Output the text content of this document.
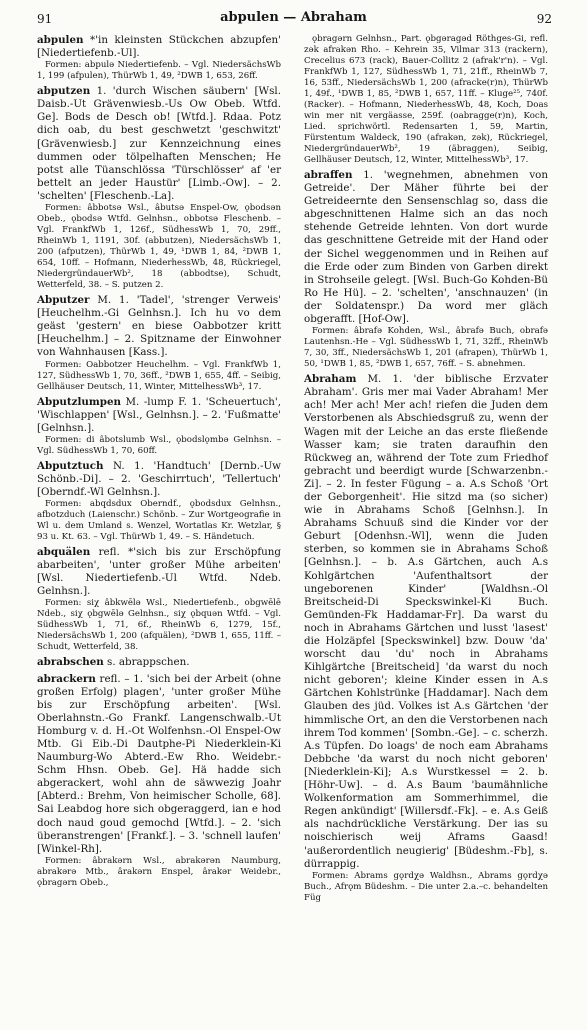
91	abpulen — Abraham	92

abpulen *'in kleinsten Stückchen abzupfen' [Niedertiefenb.-Ul].

Formen: abpulə Niedertiefenb. – Vgl. NiedersächsWb 1, 199 (afpulen), ThürWb 1, 49, ²DWB 1, 653, 26ff.

abputzen 1. 'durch Wischen säubern' [Wsl. Daisb.-Ut Grävenwiesb.-Us Ow Obeb. Wtfd. Ge]. Bods de Desch ob! [Wtfd.]. Rdaa. Potz dich oab, du best geschwetzt 'geschwitzt' [Grävenwiesb.] zur Kennzeichnung eines dummen oder tölpelhaften Menschen; He potst alle Tüanschlössa 'Türschlösser' af 'er bettelt an jeder Haustür' [Limb.-Ow]. – 2. 'schelten' [Fleschenb.-La].

Formen: âbbotsə Wsl., âbutsə Enspel-Ow, ǫbodsən Obeb., ǫbodsə Wtfd. Gelnhsn., obbotsə Fleschenb. – Vgl. FrankfWb 1, 126f., SüdhessWb 1, 70, 29ff., RheinWb 1, 1191, 30f. (abbutzen), NiedersächsWb 1, 200 (afputzen), ThürWb 1, 49, ¹DWB 1, 84, ²DWB 1, 654, 10ff. – Hofmann, NiederhessWb, 48, Rückriegel, NiedergründauerWb², 18 (abbodtse), Schudt, Wetterfeld, 38. – S. putzen 2.

Abputzer M. 1. 'Tadel', 'strenger Verweis' [Heuchelhm.-Gi Gelnhsn.]. Ich hu vo dem geäst 'gestern' en biese Oabbotzer kritt [Heuchelhm.] – 2. Spitzname der Einwohner von Wahnhausen [Kass.].

Formen: Oabbotzer Heuchelhm. – Vgl. FrankfWb 1, 127, SüdhessWb 1, 70, 36ff., ²DWB 1, 655, 4ff. – Seibig, Gellhäuser Deutsch, 11, Winter, MittelhessWb³, 17.

Abputzlumpen M. -lump F. 1. 'Scheuertuch', 'Wischlappen' [Wsl., Gelnhsn.]. – 2. 'Fußmatte' [Gelnhsn.].

Formen: di âbotslumb Wsl., ǫbodslǫmbə Gelnhsn. – Vgl. SüdhessWb 1, 70, 60ff.

Abputztuch N. 1. 'Handtuch' [Dernb.-Uw Schönb.-Di]. – 2. 'Geschirrtuch', 'Tellertuch' [Oberndf.-Wl Gelnhsn.].

Formen: abqdsdux Oberndf., ǫbodsdux Gelnhsn., afbotzduch (Laienschr.) Schönb. – Zur Wortgeografie in Wl u. dem Umland s. Wenzel, Wortatlas Kr. Wetzlar, § 93 u. Kt. 63. – Vgl. ThürWb 1, 49. – S. Händetuch.

abquälen refl. *'sich bis zur Erschöpfung abarbeiten', 'unter großer Mühe arbeiten' [Wsl. Niedertiefenb.-Ul Wtfd. Ndeb. Gelnhsn.].

Formen: siχ âbkwēlə Wsl., Niedertiefenb., obgwēlē Ndeb., siχ ǫbgwēlə Gelnhsn., siχ ǫbquən Wtfd. – Vgl. SüdhessWb 1, 71, 6f., RheinWb 6, 1279, 15f., NiedersächsWb 1, 200 (afquälen), ²DWB 1, 655, 11ff. – Schudt, Wetterfeld, 38.

abrabschen s. abrappschen.

abrackern refl. – 1. 'sich bei der Arbeit (ohne großen Erfolg) plagen', 'unter großer Mühe bis zur Erschöpfung arbeiten'. [Wsl. Oberlahnstn.-Go Frankf. Langenschwalb.-Ut Homburg v. d. H.-Ot Wolfenhsn.-Ol Enspel-Ow Mtb. Gi Eib.-Di Dautphe-Pi Niederklein-Ki Naumburg-Wo Abterd.-Ew Rho. Weidebr.-Schm Hhsn. Obeb. Ge]. Hä hadde sich abgerackert, wohl ahn de säwwezig Joahr [Abterd.: Brehm, Von heimischer Scholle, 68]. Sai Leabdog hore sich obgeraggerd, ian e hod doch naud goud gemochd [Wtfd.]. – 2. 'sich überanstrengen' [Frankf.]. – 3. 'schnell laufen' [Winkel-Rh].

Formen: âbrakərn Wsl., abrakərən Naumburg, abrakərə Mtb., ârakərn Enspel, ârakər Weidebr., ǫbragərn Obeb.,

ǫbragərn Gelnhsn., Part. ǫbgəragəd Röthges-Gi, refl. zək afrakən Rho. – Kehrein 35, Vilmar 313 (rackern), Crecelius 673 (rack), Bauer-Collitz 2 (afrak'r'n). – Vgl. FrankfWb 1, 127, SüdhessWb 1, 71, 21ff., RheinWb 7, 16, 53ff., NiedersächsWb 1, 200 (afracke(r)n), ThürWb 1, 49f., ¹DWB 1, 85, ²DWB 1, 657, 11ff. – Kluge²⁵, 740f. (Racker). – Hofmann, NiederhessWb, 48, Koch, Doas win mer nit vergäasse, 259f. (oabragge(r)n), Koch, Lied. sprichwörtl. Redensarten 1, 59, Martin, Fürstentum Waldeck, 190 (afrakən, zək), Rückriegel, NiedergründauerWb², 19 (äbraggen), Seibig, Gellhäuser Deutsch, 12, Winter, MittelhessWb³, 17.

abraffen 1. 'wegnehmen, abnehmen von Getreide'. Der Mäher führte bei der Getreideernte den Sensenschlag so, dass die abgeschnittenen Halme sich an das noch stehende Getreide lehnten. Von dort wurde das geschnittene Getreide mit der Hand oder der Sichel weggenommen und in Reihen auf die Erde oder zum Binden von Garben direkt in Strohseile gelegt. [Wsl. Buch-Go Kohden-Bü Ro He Hü]. – 2. 'schelten', 'anschnauzen' (in der Soldatenspr.) Da word mer gläch obgerafft. [Hof-Ow].

Formen: âbrafə Kohden, Wsl., âbrafə Buch, obrafə Lautenhsn.-He – Vgl. SüdhessWb 1, 71, 32ff., RheinWb 7, 30, 3ff., NiedersächsWb 1, 201 (afrapen), ThürWb 1, 50, ¹DWB 1, 85, ²DWB 1, 657, 76ff. – S. abnehmen.

Abraham M. 1. 'der biblische Erzvater Abraham'. Gris mer mai Vader Abraham! Mer ach! Mer ach! Mer ach! riefen die Juden dem Verstorbenen als Abschiedsgruß zu, wenn der Wagen mit der Leiche an das erste fließende Wasser kam; sie traten daraufhin den Rückweg an, während der Tote zum Friedhof gebracht und beerdigt wurde [Schwarzenbn.-Zi]. – 2. In fester Fügung – a. A.s Schoß 'Ort der Geborgenheit'. Hie sitzd ma (so sicher) wie in Abrahams Schoß [Gelnhsn.]. In Abrahams Schuuß sind die Kinder vor der Geburt [Odenhsn.-Wl], wenn die Juden sterben, so kommen sie in Abrahams Schoß [Gelnhsn.]. – b. A.s Gärtchen, auch A.s Kohlgärtchen 'Aufenthaltsort der ungeborenen Kinder' [Waldhsn.-Ol Breitscheid-Di Speckswinkel-Ki Buch. Gemünden-Fk Haddamar-Fr]. Da warst du noch in Abrahams Gärtchen und lusst 'lasest' die Holzäpfel [Speckswinkel] bzw. Douw 'da' worscht dau 'du' noch in Abrahams Kihlgärtche [Breitscheid] 'da warst du noch nicht geboren'; kleine Kinder essen in A.s Gärtchen Kohlstrünke [Haddamar]. Nach dem Glauben des jüd. Volkes ist A.s Gärtchen 'der himmlische Ort, an den die Verstorbenen nach ihrem Tod kommen' [Sombn.-Ge]. – c. scherzh. A.s Tüpfen. Do loags' de noch eam Abrahams Debbche 'da warst du noch nicht geboren' [Niederklein-Ki]; A.s Wurstkessel = 2. b. [Höhr-Uw]. – d. A.s Baum 'baumähnliche Wolkenformation am Sommerhimmel, die Regen ankündigt' [Willersdf.-Fk]. – e. A.s Geiß als nachdrückliche Verstärkung. Der ias su noischierisch weij Aframs Gaasd! 'außerordentlich neugierig' [Büdeshm.-Fb], s. dürrappig.

Formen: Abrams gǫrdχə Waldhsn., Abrams gǫrdχə Buch., Afrǫm Büdeshm. – Die unter 2.a.–c. behandelten Füg
